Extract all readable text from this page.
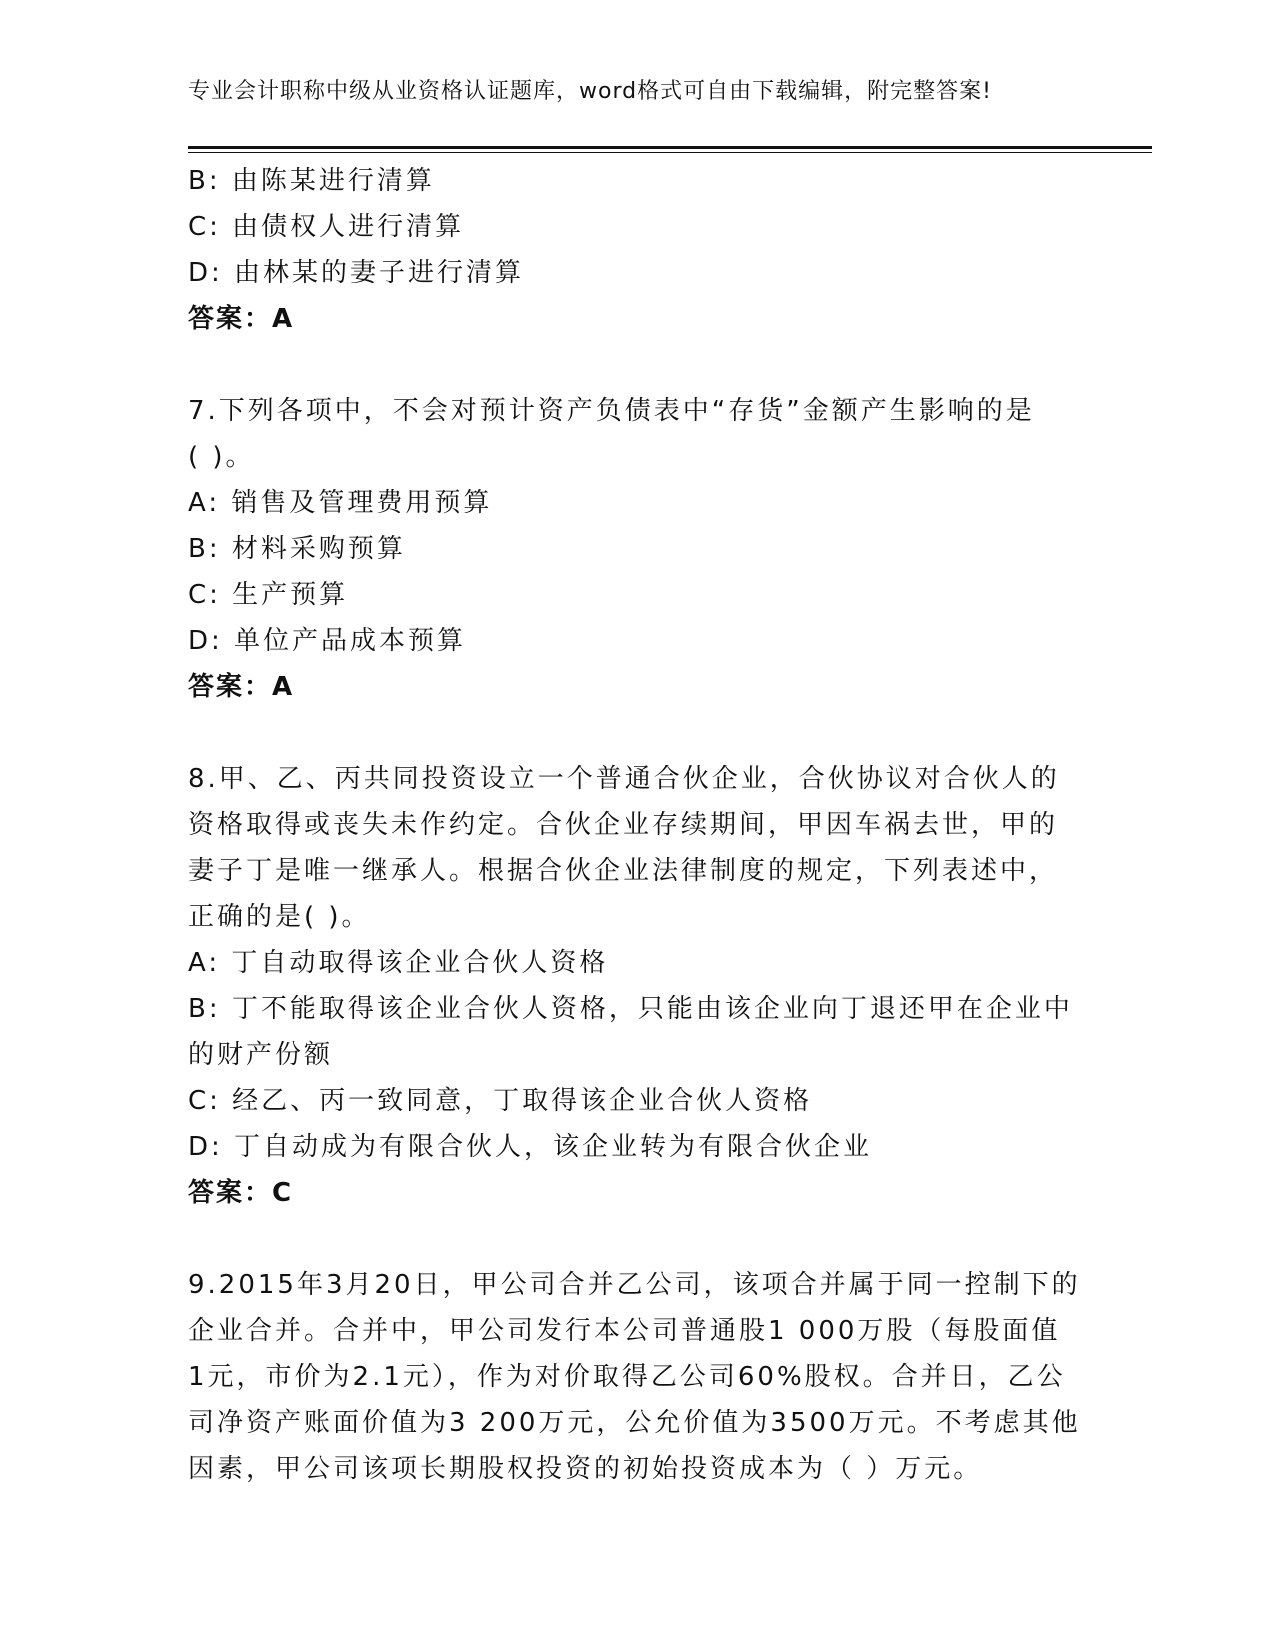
专业会计职称中级从业资格认证题库，word格式可自由下载编辑，附完整答案!
B: 由陈某进行清算
C: 由债权人进行清算
D: 由林某的妻子进行清算
答案：A
7.下列各项中，不会对预计资产负债表中“存货”金额产生影响的是
( )。
A: 销售及管理费用预算
B: 材料采购预算
C: 生产预算
D: 单位产品成本预算
答案：A
8.甲、乙、丙共同投资设立一个普通合伙企业，合伙协议对合伙人的
资格取得或丧失未作约定。合伙企业存续期间，甲因车祸去世，甲的
妻子丁是唯一继承人。根据合伙企业法律制度的规定，下列表述中，
正确的是( )。
A: 丁自动取得该企业合伙人资格
B: 丁不能取得该企业合伙人资格，只能由该企业向丁退还甲在企业中
的财产份额
C: 经乙、丙一致同意，丁取得该企业合伙人资格
D: 丁自动成为有限合伙人，该企业转为有限合伙企业
答案：C
9.2015年3月20日，甲公司合并乙公司，该项合并属于同一控制下的
企业合并。合并中，甲公司发行本公司普通股1 000万股（每股面值
1元，市价为2.1元），作为对价取得乙公司60%股权。合并日，乙公
司净资产账面价值为3 200万元，公允价值为3500万元。不考虑其他
因素，甲公司该项长期股权投资的初始投资成本为（ ）万元。
